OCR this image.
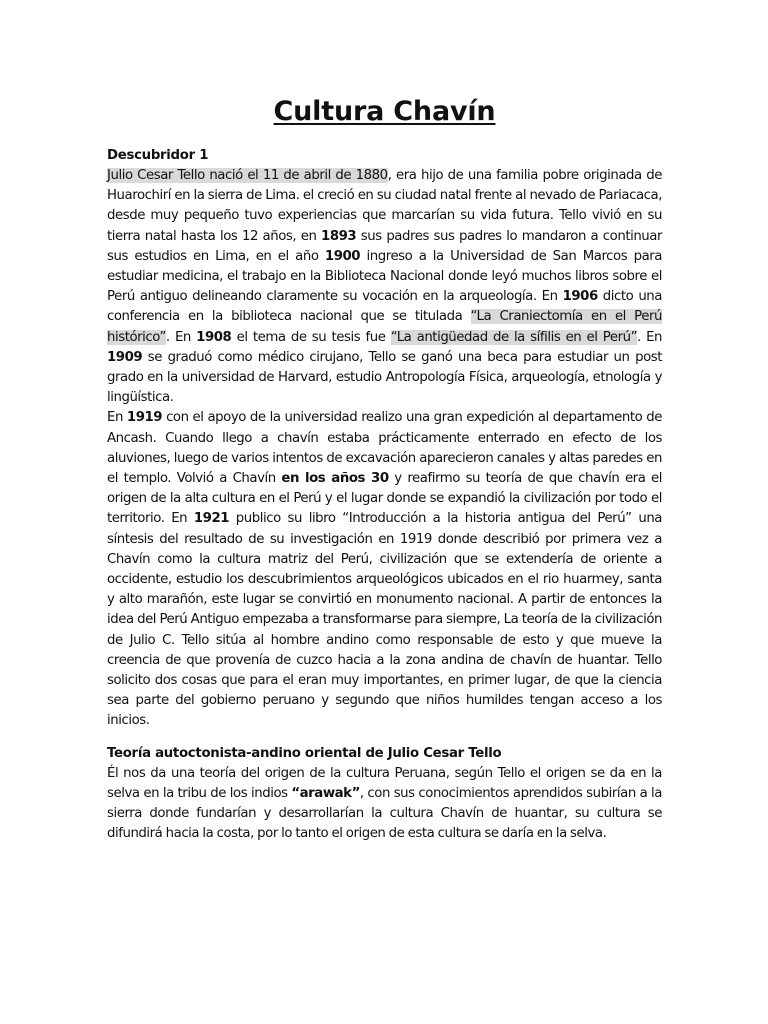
Cultura Chavín
Descubridor 1

Julio Cesar Tello nació el 11 de abril de 1880, era hijo de una familia pobre originada de Huarochirí en la sierra de Lima. el creció en su ciudad natal frente al nevado de Pariacaca, desde muy pequeño tuvo experiencias que marcarían su vida futura. Tello vivió en su tierra natal hasta los 12 años, en 1893 sus padres sus padres lo mandaron a continuar sus estudios en Lima, en el año 1900 ingreso a la Universidad de San Marcos para estudiar medicina, el trabajo en la Biblioteca Nacional donde leyó muchos libros sobre el Perú antiguo delineando claramente su vocación en la arqueología. En 1906 dicto una conferencia en la biblioteca nacional que se titulada “La Craniectomía en el Perú histórico”. En 1908 el tema de su tesis fue “La antigüedad de la sífilis en el Perú”. En 1909 se graduó como médico cirujano, Tello se ganó una beca para estudiar un post grado en la universidad de Harvard, estudio Antropología Física, arqueología, etnología y lingüística.

En 1919 con el apoyo de la universidad realizo una gran expedición al departamento de Ancash. Cuando llego a chavín estaba prácticamente enterrado en efecto de los aluviones, luego de varios intentos de excavación aparecieron canales y altas paredes en el templo. Volvió a Chavín en los años 30 y reafirmo su teoría de que chavín era el origen de la alta cultura en el Perú y el lugar donde se expandió la civilización por todo el territorio. En 1921 publico su libro “Introducción a la historia antigua del Perú” una síntesis del resultado de su investigación en 1919 donde describió por primera vez a Chavín como la cultura matriz del Perú, civilización que se extendería de oriente a occidente, estudio los descubrimientos arqueológicos ubicados en el rio huarmey, santa y alto marañón, este lugar se convirtió en monumento nacional. A partir de entonces la idea del Perú Antiguo empezaba a transformarse para siempre, La teoría de la civilización de Julio C. Tello sitúa al hombre andino como responsable de esto y que mueve la creencia de que provenía de cuzco hacia a la zona andina de chavín de huantar. Tello solicito dos cosas que para el eran muy importantes, en primer lugar, de que la ciencia sea parte del gobierno peruano y segundo que niños humildes tengan acceso a los inicios.

Teoría autoctonista-andino oriental de Julio Cesar Tello

Él nos da una teoría del origen de la cultura Peruana, según Tello el origen se da en la selva en la tribu de los indios “arawak”, con sus conocimientos aprendidos subirían a la sierra donde fundarían y desarrollarían la cultura Chavín de huantar, su cultura se difundirá hacia la costa, por lo tanto el origen de esta cultura se daría en la selva.
